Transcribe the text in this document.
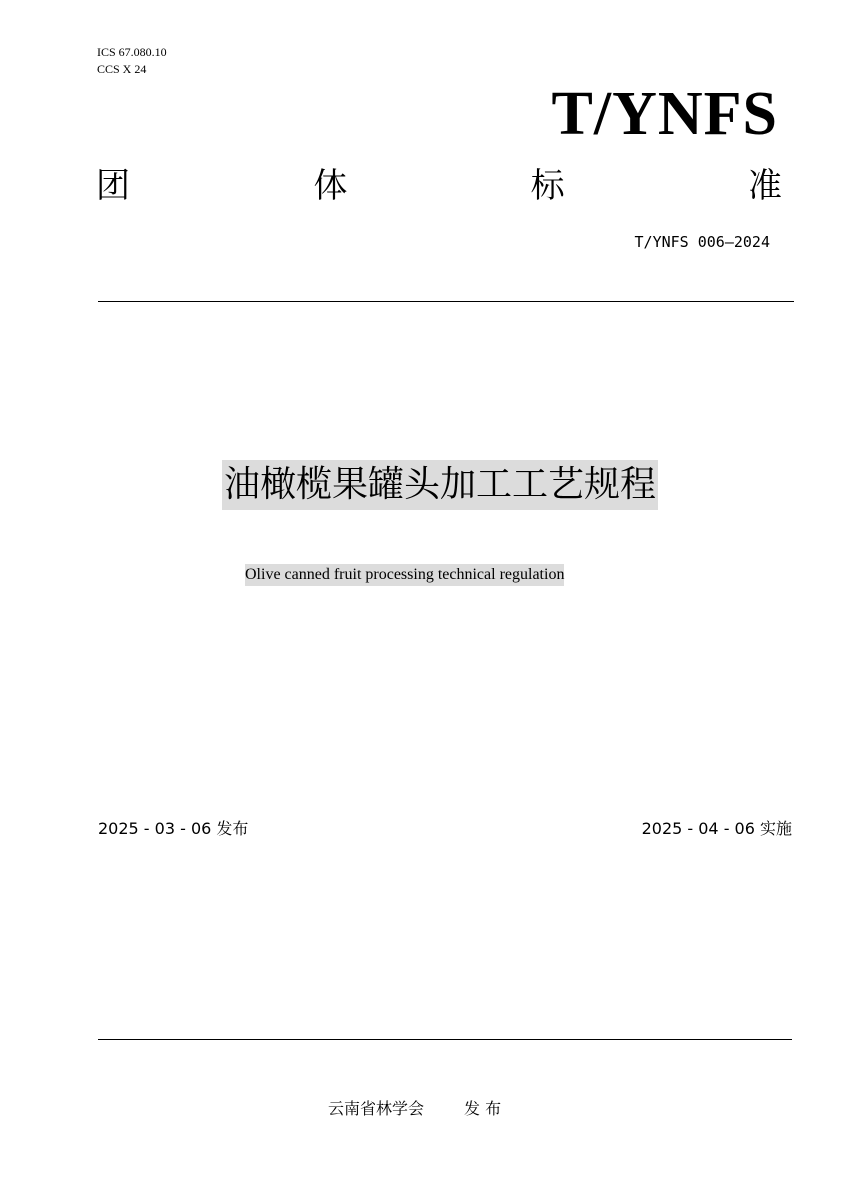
ICS 67.080.10
CCS X 24
T/YNFS
团	体	标	准
T/YNFS 006—2024
油橄榄果罐头加工工艺规程
Olive canned fruit processing technical regulation
2025 - 03 - 06 发布	2025 - 04 - 06 实施
云南省林学会	发 布
